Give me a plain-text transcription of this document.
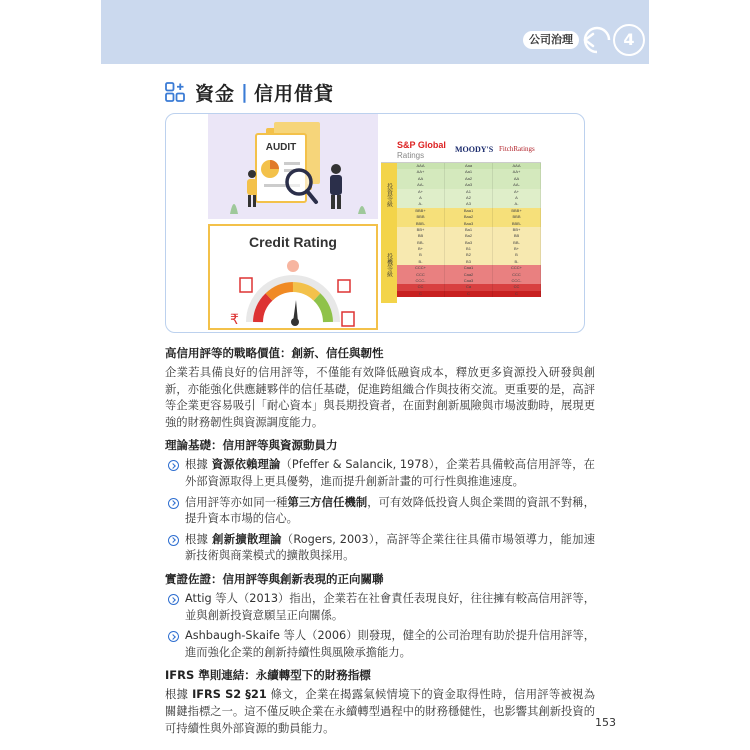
公司治理	4
資金 | 信用借貸
AUDIT
Credit Rating
₹
S&P Global
Ratings
MOODY'S FitchRatings
投資等級
投機等級
AAA	Aaa	AAA
AA+	Aa1	AA+
AA	Aa2	AA
AA-	Aa3	AA-
A+	A1	A+
A	A2	A
A-	A3	A-
BBB+	Baa1	BBB+
BBB	Baa2	BBB
BBB-	Baa3	BBB-
BB+	Ba1	BB+
BB	Ba2	BB
BB-	Ba3	BB-
B+	B1	B+
B	B2	B
B-	B3	B-
CCC+	Caa1	CCC+
CCC	Caa2	CCC
CCC-	Caa3	CCC-
CC	Ca	CC
C	C	C
高信用評等的戰略價值：創新、信任與韌性

企業若具備良好的信用評等，不僅能有效降低融資成本，釋放更多資源投入研發與創新，亦能強化供應鏈夥伴的信任基礎，促進跨組織合作與技術交流。更重要的是，高評等企業更容易吸引「耐心資本」與長期投資者，在面對創新風險與市場波動時，展現更強的財務韌性與資源調度能力。

理論基礎：信用評等與資源動員力
根據 資源依賴理論（Pfeffer & Salancik, 1978），企業若具備較高信用評等，在外部資源取得上更具優勢，進而提升創新計畫的可行性與推進速度。
信用評等亦如同一種第三方信任機制，可有效降低投資人與企業間的資訊不對稱，提升資本市場的信心。
根據 創新擴散理論（Rogers, 2003），高評等企業往往具備市場領導力，能加速新技術與商業模式的擴散與採用。
實證佐證：信用評等與創新表現的正向關聯
Attig 等人（2013）指出，企業若在社會責任表現良好，往往擁有較高信用評等，並與創新投資意願呈正向關係。
Ashbaugh-Skaife 等人（2006）則發現，健全的公司治理有助於提升信用評等，進而強化企業的創新持續性與風險承擔能力。
IFRS 準則連結：永續轉型下的財務指標

根據 IFRS S2 §21 條文，企業在揭露氣候情境下的資金取得性時，信用評等被視為關鍵指標之一。這不僅反映企業在永續轉型過程中的財務穩健性，也影響其創新投資的可持續性與外部資源的動員能力。	153
